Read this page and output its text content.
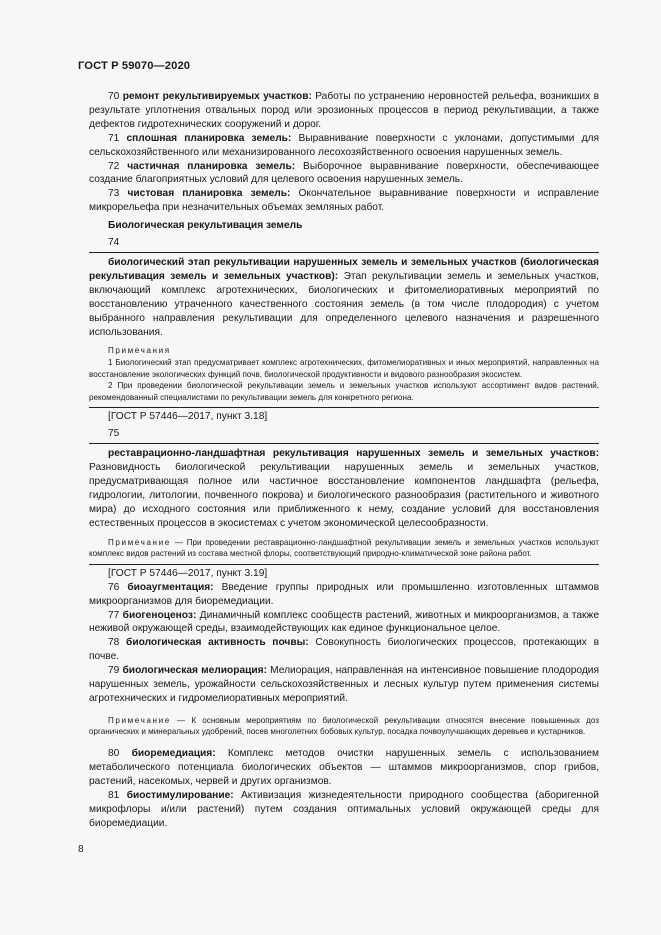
ГОСТ Р 59070—2020

70 ремонт рекультивируемых участков: Работы по устранению неровностей рельефа, возникших в результате уплотнения отвальных пород или эрозионных процессов в период рекультивации, а также дефектов гидротехнических сооружений и дорог.

71 сплошная планировка земель: Выравнивание поверхности с уклонами, допустимыми для сельскохозяйственного или механизированного лесохозяйственного освоения нарушенных земель.

72 частичная планировка земель: Выборочное выравнивание поверхности, обеспечивающее создание благоприятных условий для целевого освоения нарушенных земель.

73 чистовая планировка земель: Окончательное выравнивание поверхности и исправление микрорельефа при незначительных объемах земляных работ.

Биологическая рекультивация земель
74

биологический этап рекультивации нарушенных земель и земельных участков (биологическая рекультивация земель и земельных участков): Этап рекультивации земель и земельных участков, включающий комплекс агротехнических, биологических и фитомелиоративных мероприятий по восстановлению утраченного качественного состояния земель (в том числе плодородия) с учетом выбранного направления рекультивации для определенного целевого назначения и разрешенного использования.

Примечания

1 Биологический этап предусматривает комплекс агротехнических, фитомелиоративных и иных мероприятий, направленных на восстановление экологических функций почв, биологической продуктивности и видового разнообразия экосистем.

2 При проведении биологической рекультивации земель и земельных участков используют ассортимент видов растений, рекомендованный специалистами по рекультивации земель для конкретного региона.

[ГОСТ Р 57446—2017, пункт 3.18]
75

реставрационно-ландшафтная рекультивация нарушенных земель и земельных участков: Разновидность биологической рекультивации нарушенных земель и земельных участков, предусматривающая полное или частичное восстановление компонентов ландшафта (рельефа, гидрологии, литологии, почвенного покрова) и биологического разнообразия (растительного и животного мира) до исходного состояния или приближенного к нему, создание условий для восстановления естественных процессов в экосистемах с учетом экономической целесообразности.

Примечание — При проведении реставрационно-ландшафтной рекультивации земель и земельных участков используют комплекс видов растений из состава местной флоры, соответствующий природно-климатической зоне района работ.

[ГОСТ Р 57446—2017, пункт 3.19]

76 биоаугментация: Введение группы природных или промышленно изготовленных штаммов микроорганизмов для биоремедиации.

77 биогеноценоз: Динамичный комплекс сообществ растений, животных и микроорганизмов, а также неживой окружающей среды, взаимодействующих как единое функциональное целое.

78 биологическая активность почвы: Совокупность биологических процессов, протекающих в почве.

79 биологическая мелиорация: Мелиорация, направленная на интенсивное повышение плодородия нарушенных земель, урожайности сельскохозяйственных и лесных культур путем применения системы агротехнических и гидромелиоративных мероприятий.

Примечание — К основным мероприятиям по биологической рекультивации относятся внесение повышенных доз органических и минеральных удобрений, посев многолетних бобовых культур, посадка почвоулучшающих деревьев и кустарников.

80 биоремедиация: Комплекс методов очистки нарушенных земель с использованием метаболического потенциала биологических объектов — штаммов микроорганизмов, спор грибов, растений, насекомых, червей и других организмов.

81 биостимулирование: Активизация жизнедеятельности природного сообщества (аборигенной микрофлоры и/или растений) путем создания оптимальных условий окружающей среды для биоремедиации.

8
